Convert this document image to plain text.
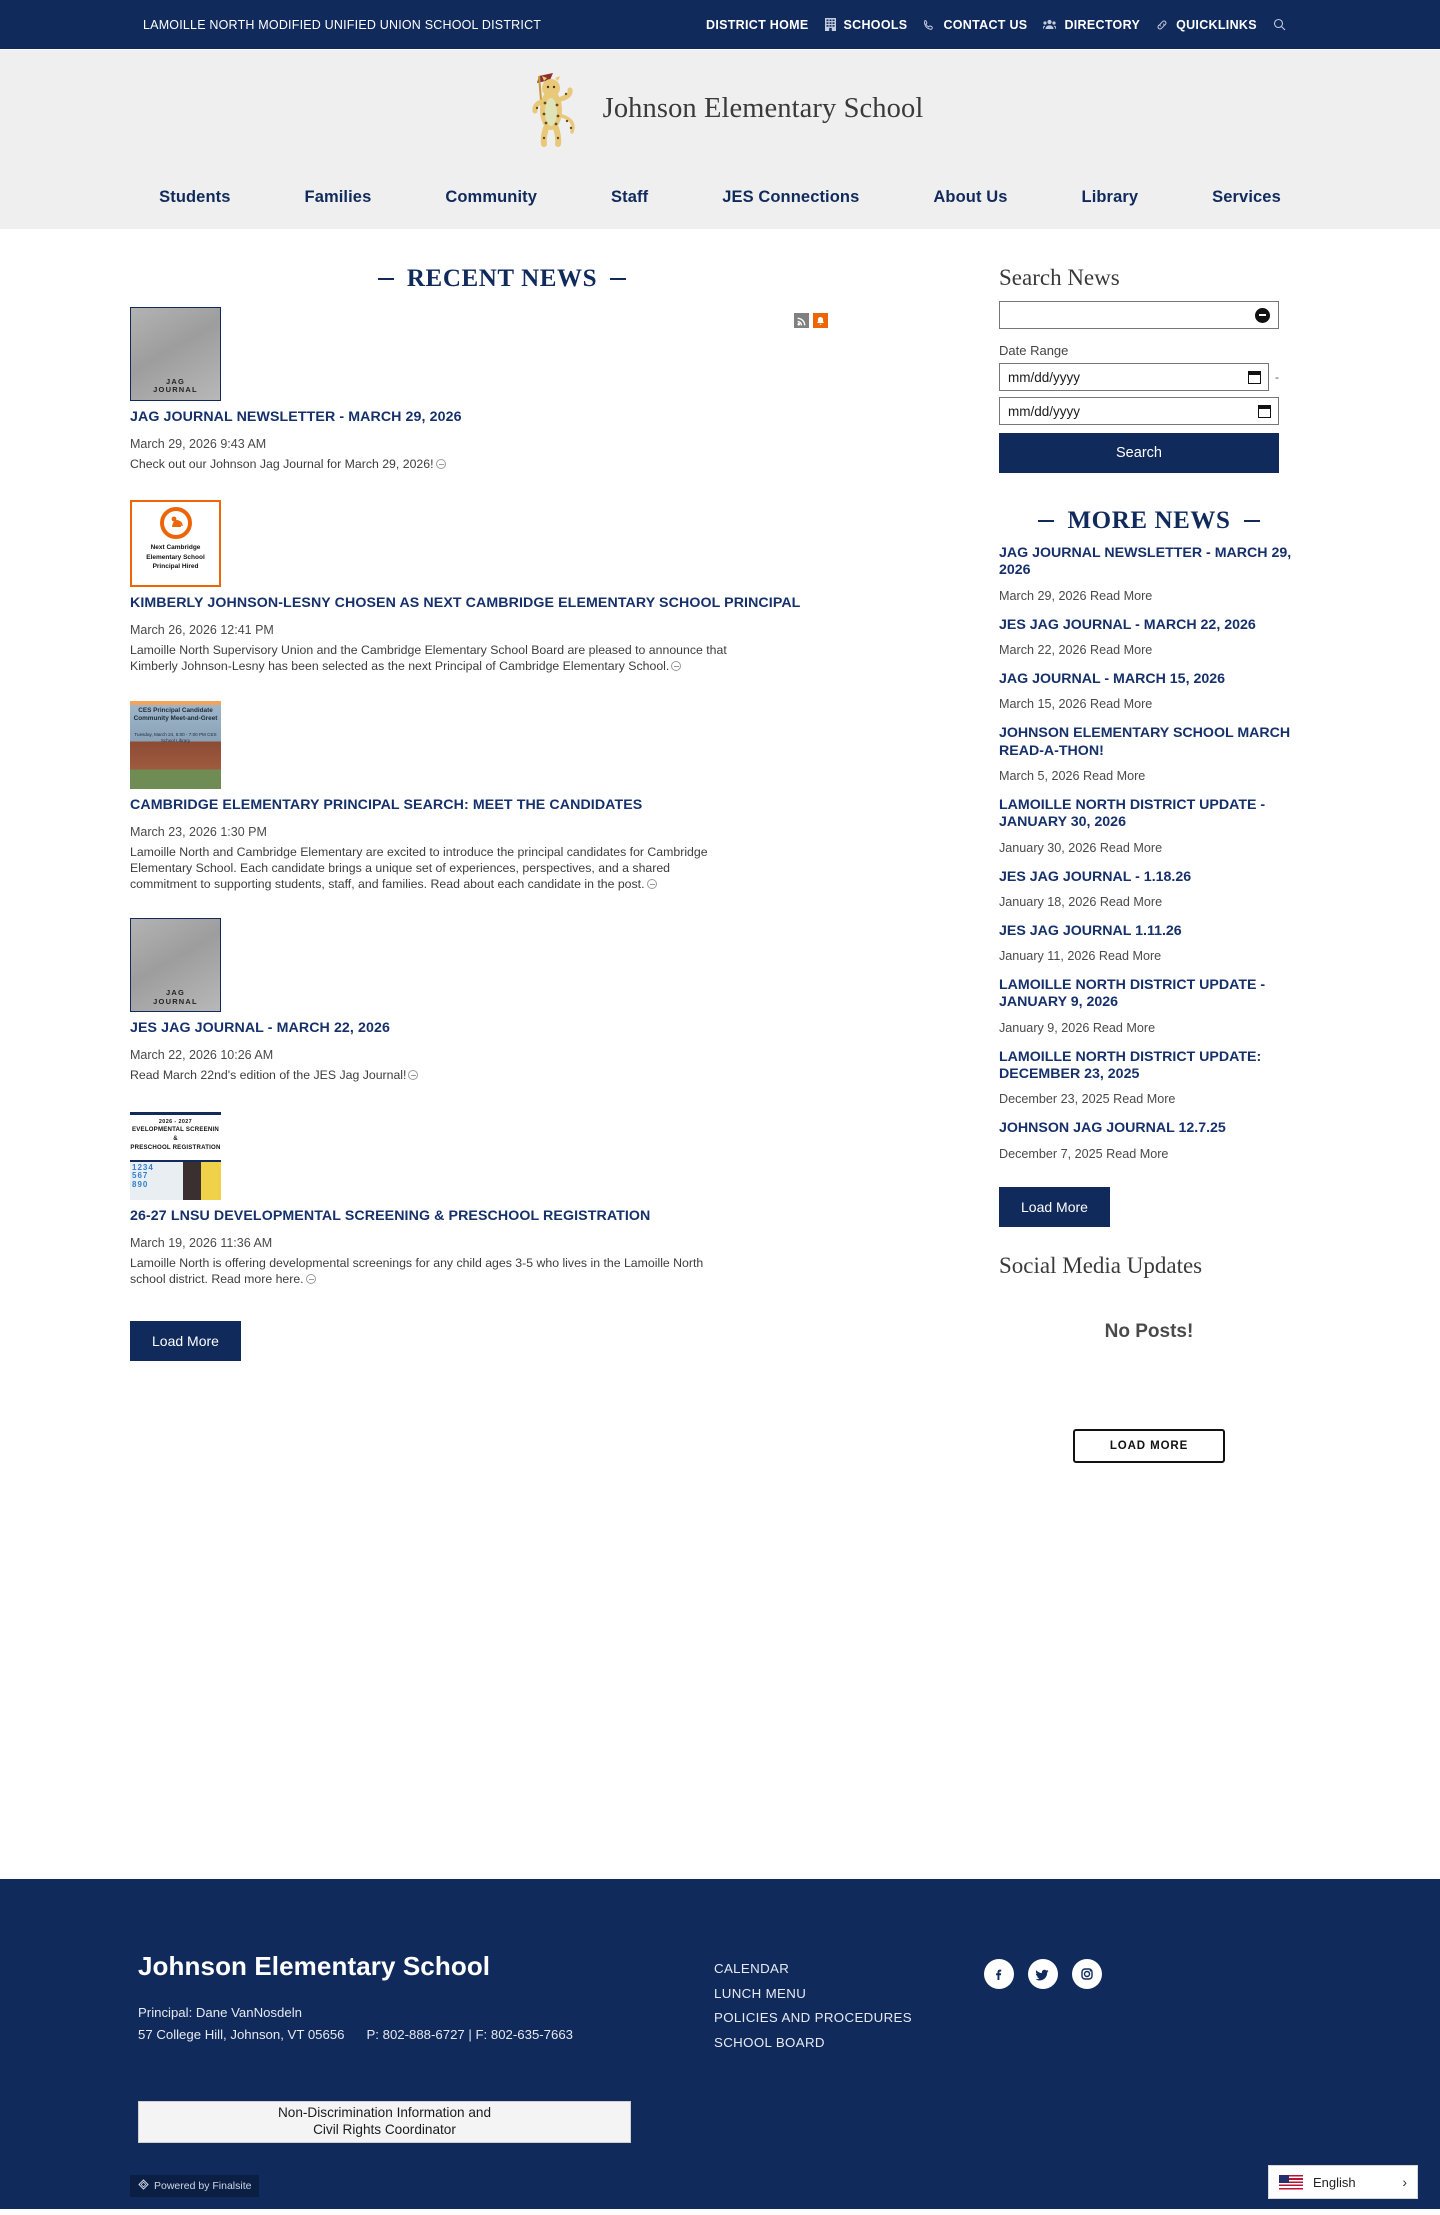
LAMOILLE NORTH MODIFIED UNIFIED UNION SCHOOL DISTRICT	DISTRICT HOME	SCHOOLS	CONTACT US	DIRECTORY	QUICKLINKS
Johnson Elementary School
Students	Families	Community	Staff	JES Connections	About Us	Library	Services
RECENT NEWS
JAG
JOURNAL
JAG JOURNAL NEWSLETTER - MARCH 29, 2026
March 29, 2026 9:43 AM
Check out our Johnson Jag Journal for March 29, 2026!
Next Cambridge
Elementary School
Principal Hired
KIMBERLY JOHNSON-LESNY CHOSEN AS NEXT CAMBRIDGE ELEMENTARY SCHOOL PRINCIPAL
March 26, 2026 12:41 PM
Lamoille North Supervisory Union and the Cambridge Elementary School Board are pleased to announce that Kimberly Johnson-Lesny has been selected as the next Principal of Cambridge Elementary School.
CES Principal Candidate Community Meet-and-Greet
Tuesday, March 24, 5:00 - 7:00 PM CES School Library
CAMBRIDGE ELEMENTARY PRINCIPAL SEARCH: MEET THE CANDIDATES
March 23, 2026 1:30 PM
Lamoille North and Cambridge Elementary are excited to introduce the principal candidates for Cambridge Elementary School. Each candidate brings a unique set of experiences, perspectives, and a shared commitment to supporting students, staff, and families. Read about each candidate in the post.
JAG
JOURNAL
JES JAG JOURNAL - MARCH 22, 2026
March 22, 2026 10:26 AM
Read March 22nd's edition of the JES Jag Journal!
2026 - 2027
EVELOPMENTAL SCREENIN
&
PRESCHOOL REGISTRATION
1234
567
890
26-27 LNSU DEVELOPMENTAL SCREENING & PRESCHOOL REGISTRATION
March 19, 2026 11:36 AM
Lamoille North is offering developmental screenings for any child ages 3-5 who lives in the Lamoille North school district. Read more here.
Load More
Search News
Date Range
mm/dd/yyyy	-
mm/dd/yyyy
Search
MORE NEWS
JAG JOURNAL NEWSLETTER - MARCH 29, 2026
March 29, 2026 Read More
JES JAG JOURNAL - MARCH 22, 2026
March 22, 2026 Read More
JAG JOURNAL - MARCH 15, 2026
March 15, 2026 Read More
JOHNSON ELEMENTARY SCHOOL MARCH READ-A-THON!
March 5, 2026 Read More
LAMOILLE NORTH DISTRICT UPDATE - JANUARY 30, 2026
January 30, 2026 Read More
JES JAG JOURNAL - 1.18.26
January 18, 2026 Read More
JES JAG JOURNAL 1.11.26
January 11, 2026 Read More
LAMOILLE NORTH DISTRICT UPDATE - JANUARY 9, 2026
January 9, 2026 Read More
LAMOILLE NORTH DISTRICT UPDATE: DECEMBER 23, 2025
December 23, 2025 Read More
JOHNSON JAG JOURNAL 12.7.25
December 7, 2025 Read More
Load More
Social Media Updates
No Posts!
LOAD MORE
Johnson Elementary School
Principal: Dane VanNosdeln
57 College Hill, Johnson, VT 05656 P: 802-888-6727 | F: 802-635-7663
CALENDAR
LUNCH MENU
POLICIES AND PROCEDURES
SCHOOL BOARD
Non-Discrimination Information and
Civil Rights Coordinator
Powered by Finalsite	English	›
